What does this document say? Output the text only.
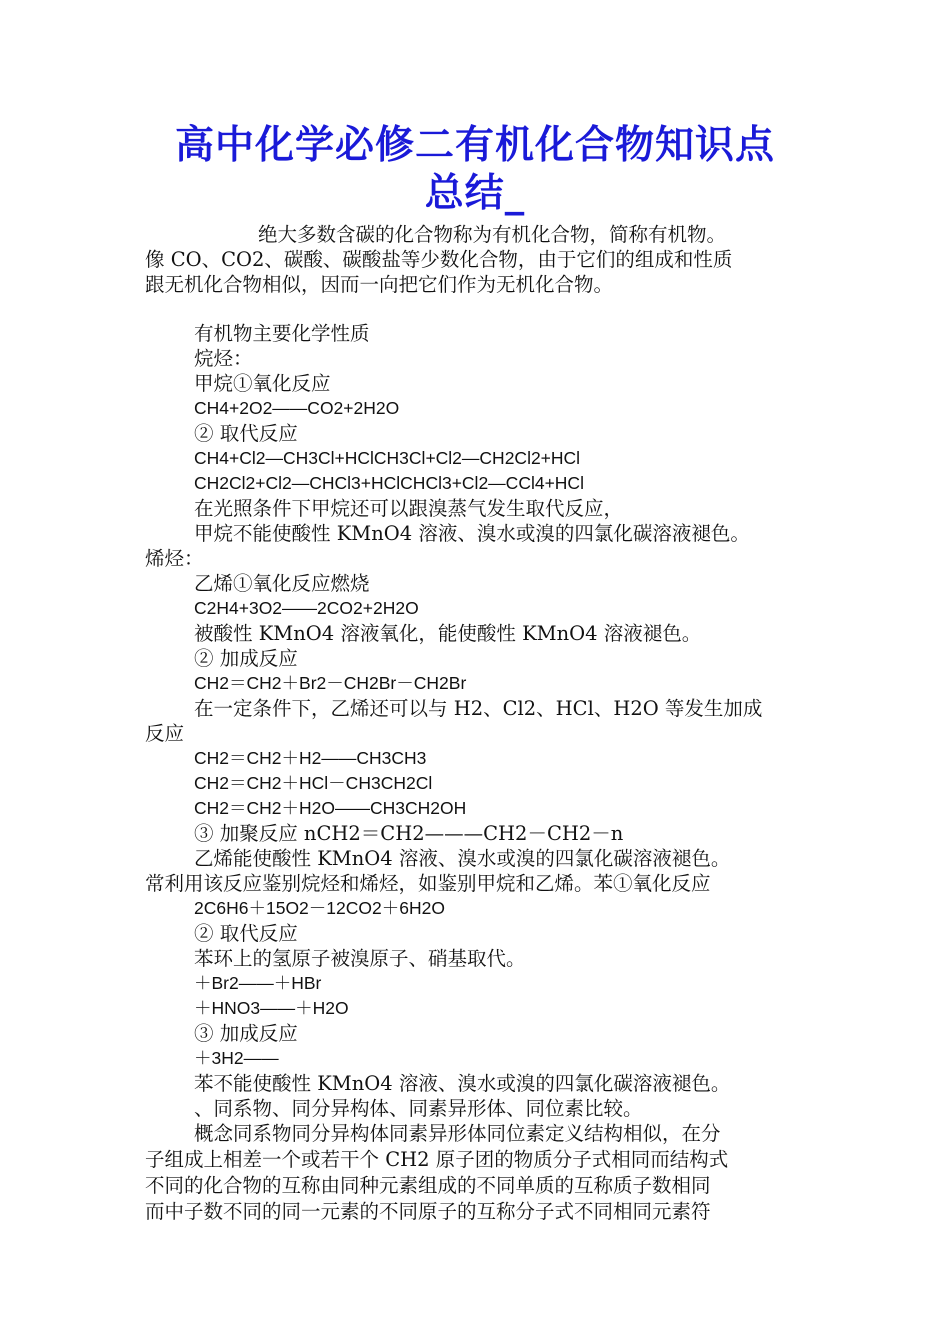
高中化学必修二有机化合物知识点
总结_
绝大多数含碳的化合物称为有机化合物，简称有机物。
像 CO、CO2、碳酸、碳酸盐等少数化合物，由于它们的组成和性质
跟无机化合物相似，因而一向把它们作为无机化合物。
有机物主要化学性质
烷烃：
甲烷①氧化反应
CH4+2O2——CO2+2H2O
② 取代反应
CH4+Cl2—CH3Cl+HClCH3Cl+Cl2—CH2Cl2+HCl
CH2Cl2+Cl2—CHCl3+HClCHCl3+Cl2—CCl4+HCl
在光照条件下甲烷还可以跟溴蒸气发生取代反应，
甲烷不能使酸性 KMnO4 溶液、溴水或溴的四氯化碳溶液褪色。
烯烃：
乙烯①氧化反应燃烧
C2H4+3O2——2CO2+2H2O
被酸性 KMnO4 溶液氧化，能使酸性 KMnO4 溶液褪色。
② 加成反应
CH2＝CH2＋Br2－CH2Br－CH2Br
在一定条件下，乙烯还可以与 H2、Cl2、HCl、H2O 等发生加成
反应
CH2＝CH2＋H2——CH3CH3
CH2＝CH2＋HCl－CH3CH2Cl
CH2＝CH2＋H2O——CH3CH2OH
③ 加聚反应 nCH2＝CH2———CH2－CH2－n
乙烯能使酸性 KMnO4 溶液、溴水或溴的四氯化碳溶液褪色。
常利用该反应鉴别烷烃和烯烃，如鉴别甲烷和乙烯。苯①氧化反应
2C6H6＋15O2－12CO2＋6H2O
② 取代反应
苯环上的氢原子被溴原子、硝基取代。
＋Br2——＋HBr
＋HNO3——＋H2O
③ 加成反应
＋3H2——
苯不能使酸性 KMnO4 溶液、溴水或溴的四氯化碳溶液褪色。
、同系物、同分异构体、同素异形体、同位素比较。
概念同系物同分异构体同素异形体同位素定义结构相似，在分
子组成上相差一个或若干个 CH2 原子团的物质分子式相同而结构式
不同的化合物的互称由同种元素组成的不同单质的互称质子数相同
而中子数不同的同一元素的不同原子的互称分子式不同相同元素符
